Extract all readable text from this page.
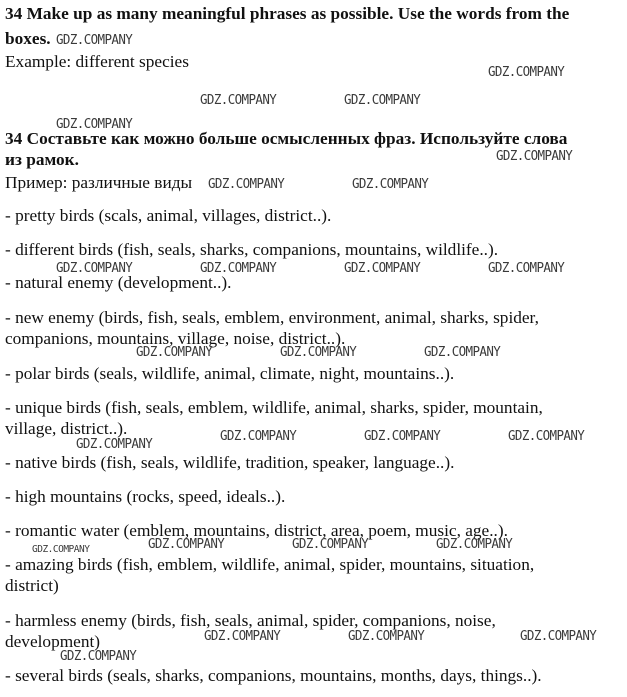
34 Make up as many meaningful phrases as possible. Use the words from the
boxes.
Example: different species
34 Составьте как можно больше осмысленных фраз. Используйте слова
из рамок.
Пример: различные виды
- pretty birds (scals, animal, villages, district..).
- different birds (fish, seals, sharks, companions, mountains, wildlife..).
- natural enemy (development..).
- new enemy (birds, fish, seals, emblem, environment, animal, sharks, spider,
companions, mountains, village, noise, district..).
- polar birds (seals, wildlife, animal, climate, night, mountains..).
- unique birds (fish, seals, emblem, wildlife, animal, sharks, spider, mountain,
village, district..).
- native birds (fish, seals, wildlife, tradition, speaker, language..).
- high mountains (rocks, speed, ideals..).
- romantic water (emblem, mountains, district, area, poem, music, age..).
- amazing birds (fish, emblem, wildlife, animal, spider, mountains, situation,
district)
- harmless enemy (birds, fish, seals, animal, spider, companions, noise,
development)
- several birds (seals, sharks, companions, mountains, months, days, things..).
GDZ.COMPANY
GDZ.COMPANY
GDZ.COMPANY	GDZ.COMPANY
GDZ.COMPANY
GDZ.COMPANY
GDZ.COMPANY	GDZ.COMPANY
GDZ.COMPANY	GDZ.COMPANY	GDZ.COMPANY	GDZ.COMPANY
GDZ.COMPANY	GDZ.COMPANY	GDZ.COMPANY
GDZ.COMPANY
GDZ.COMPANY	GDZ.COMPANY	GDZ.COMPANY
GDZ.COMPANY	GDZ.COMPANY	GDZ.COMPANY	GDZ.COMPANY
GDZ.COMPANY	GDZ.COMPANY	GDZ.COMPANY
GDZ.COMPANY
